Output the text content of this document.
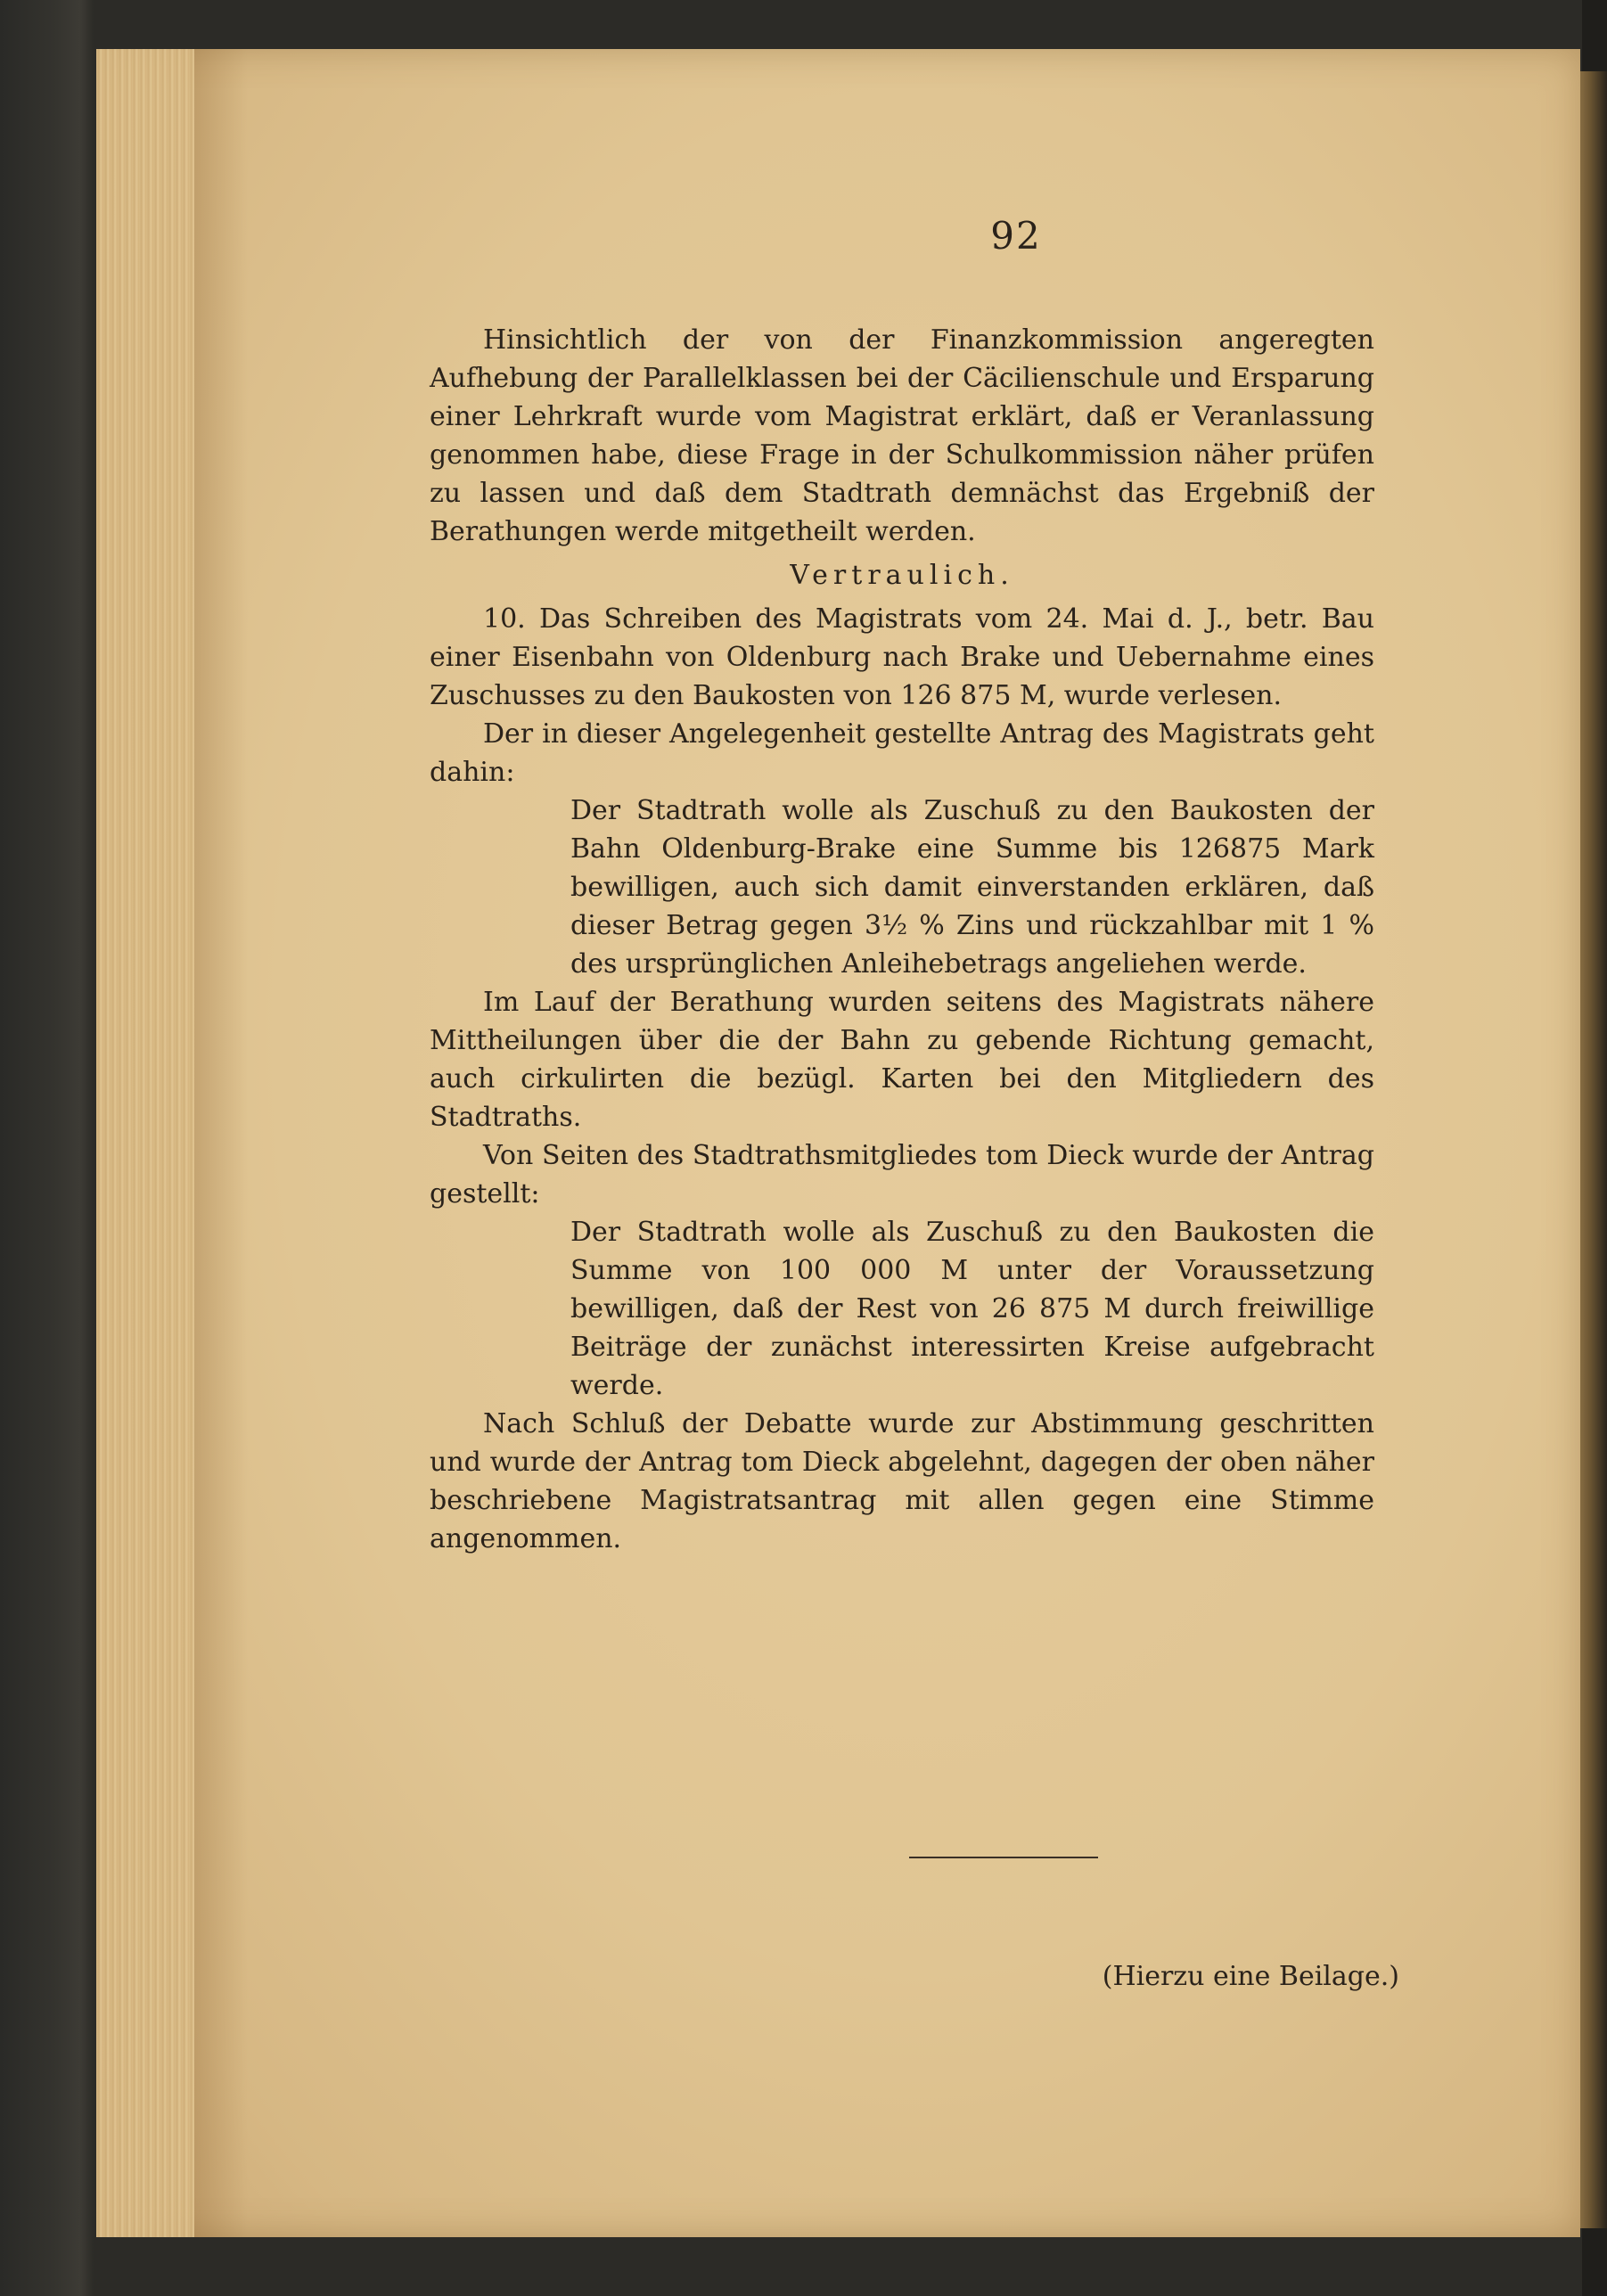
92

Hinsichtlich der von der Finanzkommission angeregten Aufhebung der Parallelklassen bei der Cäcilienschule und Ersparung einer Lehrkraft wurde vom Magistrat erklärt, daß er Veranlassung genommen habe, diese Frage in der Schulkommission näher prüfen zu lassen und daß dem Stadtrath demnächst das Ergebniß der Berathungen werde mitgetheilt werden.

Vertraulich.

10. Das Schreiben des Magistrats vom 24. Mai d. J., betr. Bau einer Eisenbahn von Oldenburg nach Brake und Uebernahme eines Zuschusses zu den Baukosten von 126 875 M, wurde verlesen.

Der in dieser Angelegenheit gestellte Antrag des Magistrats geht dahin:

Der Stadtrath wolle als Zuschuß zu den Baukosten der Bahn Oldenburg-Brake eine Summe bis 126875 Mark bewilligen, auch sich damit einverstanden erklären, daß dieser Betrag gegen 3½ % Zins und rückzahlbar mit 1 % des ursprünglichen Anleihebetrags angeliehen werde.

Im Lauf der Berathung wurden seitens des Magistrats nähere Mittheilungen über die der Bahn zu gebende Richtung gemacht, auch cirkulirten die bezügl. Karten bei den Mitgliedern des Stadtraths.

Von Seiten des Stadtrathsmitgliedes tom Dieck wurde der Antrag gestellt:

Der Stadtrath wolle als Zuschuß zu den Baukosten die Summe von 100 000 M unter der Voraussetzung bewilligen, daß der Rest von 26 875 M durch freiwillige Beiträge der zunächst interessirten Kreise aufgebracht werde.

Nach Schluß der Debatte wurde zur Abstimmung geschritten und wurde der Antrag tom Dieck abgelehnt, dagegen der oben näher beschriebene Magistratsantrag mit allen gegen eine Stimme angenommen.

(Hierzu eine Beilage.)
